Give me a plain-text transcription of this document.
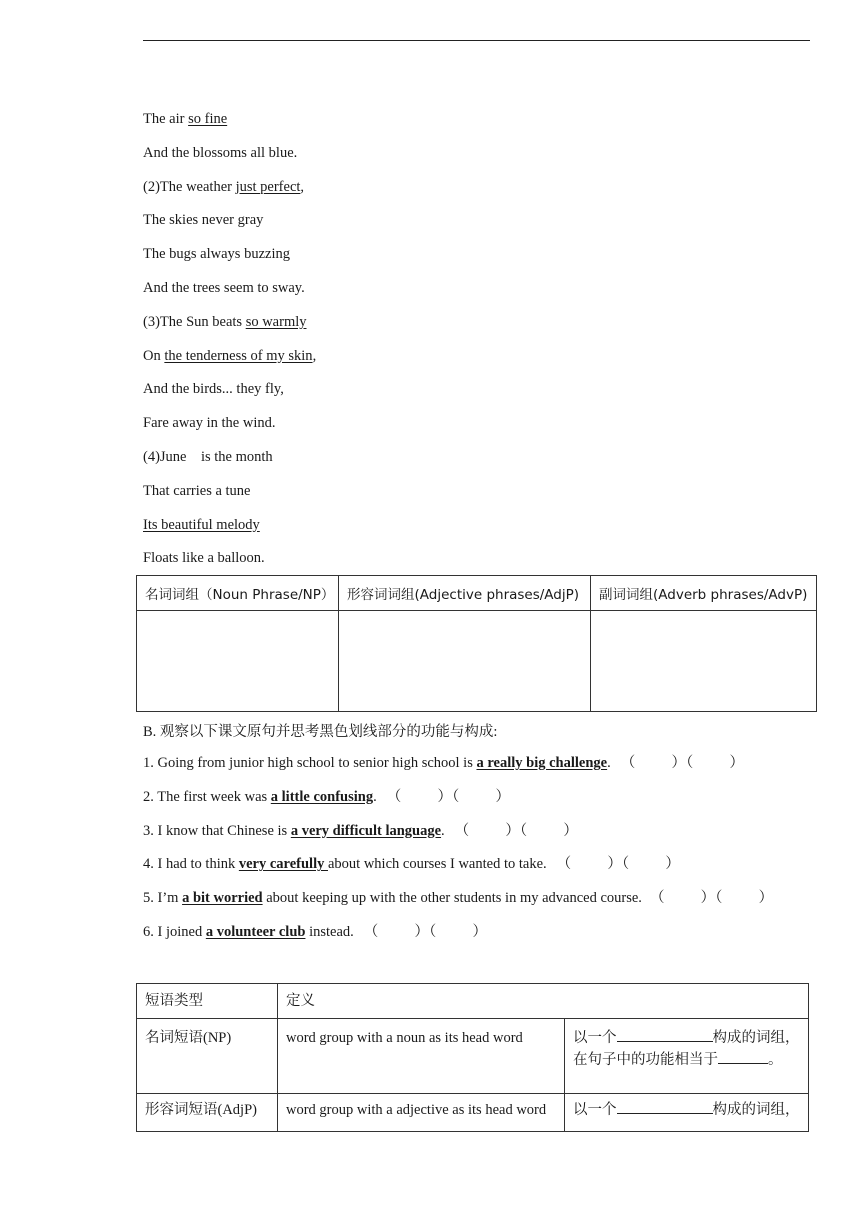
The air so fine
And the blossoms all blue.
(2)The weather just perfect,
The skies never gray
The bugs always buzzing
And the trees seem to sway.
(3)The Sun beats so warmly
On the tenderness of my skin,
And the birds... they fly,
Fare away in the wind.
(4)June    is the month
That carries a tune
Its beautiful melody
Floats like a balloon.
名词词组（Noun Phrase/NP）	形容词词组(Adjective phrases/AdjP)	副词词组(Adverb phrases/AdvP)

B. 观察以下课文原句并思考黑色划线部分的功能与构成:
1. Going from junior high school to senior high school is a really big challenge. （          ）（          ）
2. The first week was a little confusing. （          ）（          ）
3. I know that Chinese is a very difficult language. （          ）（          ）
4. I had to think very carefully about which courses I wanted to take. （          ）（          ）
5. I’m a bit worried about keeping up with the other students in my advanced course. （          ）（          ）
6. I joined a volunteer club instead. （          ）（          ）
短语类型	定义	
名词短语(NP)	word group with a noun as its head word	以一个 构成的词组，
在句子中的功能相当于 。
形容词短语(AdjP)	word group with a adjective as its head word	以一个 构成的词组，
